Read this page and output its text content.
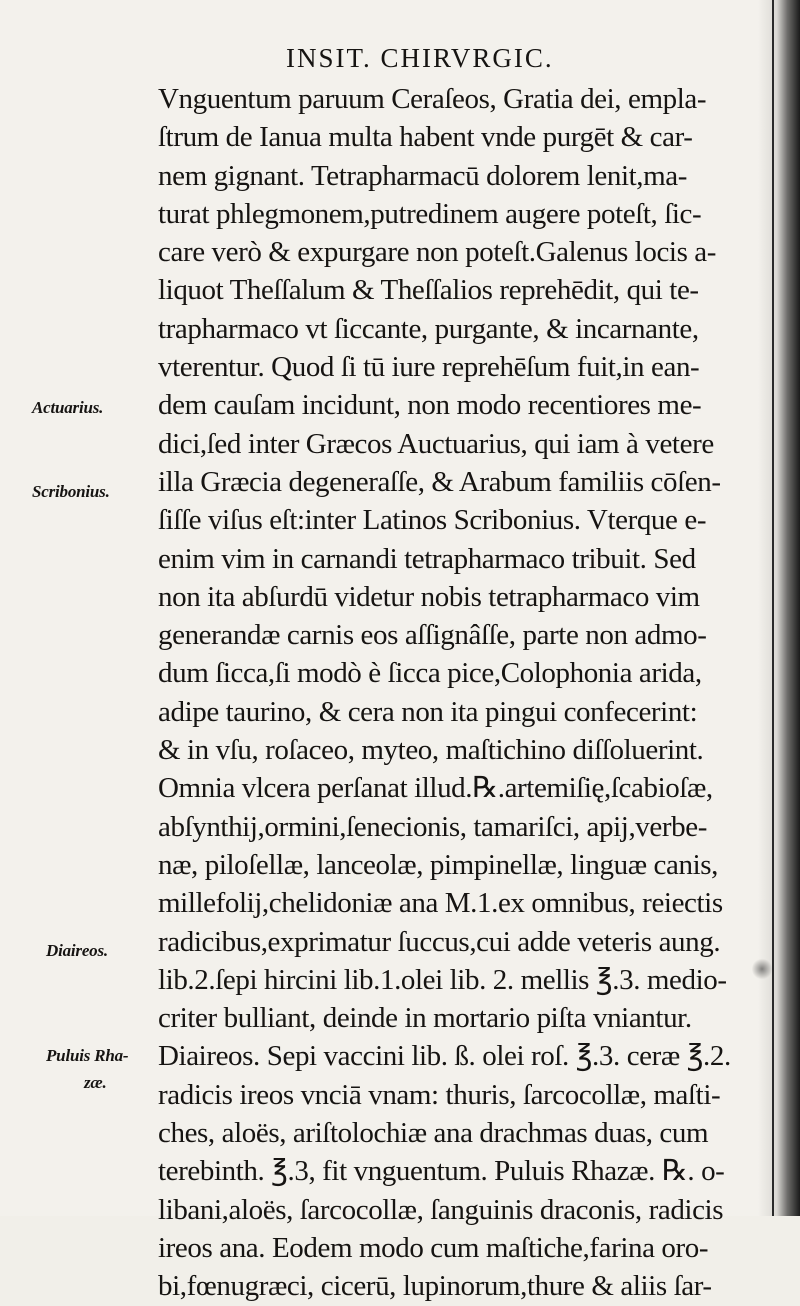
INSIT. CHIRVRGIC.
Vnguentum paruum Ceraſeos, Gratia dei, empla-
ſtrum de Ianua multa habent vnde purgēt & car-
nem gignant. Tetrapharmacū dolorem lenit,ma-
turat phlegmonem,putredinem augere poteſt, ſic-
care verò & expurgare non poteſt.Galenus locis a-
liquot Theſſalum & Theſſalios reprehēdit, qui te-
trapharmaco vt ſiccante, purgante, & incarnante,
vterentur. Quod ſi tū iure reprehēſum fuit,in ean-
dem cauſam incidunt, non modo recentiores me-
dici,ſed inter Græcos Auctuarius, qui iam à vetere
illa Græcia degeneraſſe, & Arabum familiis cōſen-
ſiſſe viſus eſt:inter Latinos Scribonius. Vterque e-
enim vim in carnandi tetrapharmaco tribuit. Sed
non ita abſurdū videtur nobis tetrapharmaco vim
generandæ carnis eos aſſignâſſe, parte non admo-
dum ſicca,ſi modò è ſicca pice,Colophonia arida,
adipe taurino, & cera non ita pingui confecerint:
& in vſu, roſaceo, myteo, maſtichino diſſoluerint.
Omnia vlcera perſanat illud.℞.artemiſię,ſcabioſæ,
abſynthij,ormini,ſenecionis, tamariſci, apij,verbe-
næ, piloſellæ, lanceolæ, pimpinellæ, linguæ canis,
millefolij,chelidoniæ ana M.1.ex omnibus, reiectis
radicibus,exprimatur ſuccus,cui adde veteris aung.
lib.2.ſepi hircini lib.1.olei lib. 2. mellis ℥.3. medio-
criter bulliant, deinde in mortario piſta vniantur.
Diaireos. Sepi vaccini lib. ß. olei roſ. ℥.3. ceræ ℥.2.
radicis ireos vnciā vnam: thuris, ſarcocollæ, maſti-
ches, aloës, ariſtolochiæ ana drachmas duas, cum
terebinth. ℥.3, fit vnguentum. Puluis Rhazæ. ℞. o-
libani,aloës, ſarcocollæ, ſanguinis draconis, radicis
ireos ana. Eodem modo cum maſtiche,farina oro-
bi,fœnugræci, cicerū, lupinorum,thure & aliis ſar-
Actuarius.
Scribonius.
Diaireos.
Puluis Rha-
zæ.
